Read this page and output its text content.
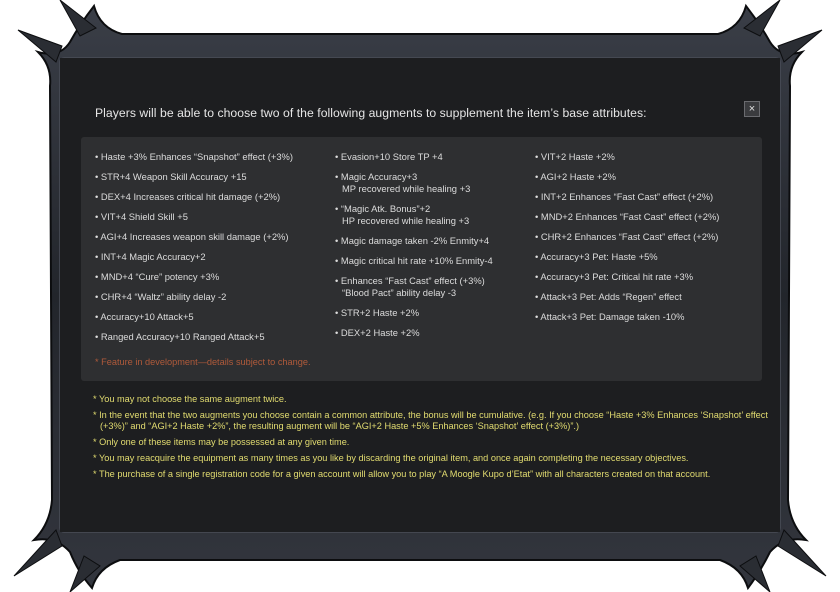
Players will be able to choose two of the following augments to supplement the item’s base attributes:	×
• Haste +3% Enhances “Snapshot” effect (+3%)
• STR+4 Weapon Skill Accuracy +15
• DEX+4 Increases critical hit damage (+2%)
• VIT+4 Shield Skill +5
• AGI+4 Increases weapon skill damage (+2%)
• INT+4 Magic Accuracy+2
• MND+4 “Cure” potency +3%
• CHR+4 “Waltz” ability delay -2
• Accuracy+10 Attack+5
• Ranged Accuracy+10 Ranged Attack+5
• Evasion+10 Store TP +4
• Magic Accuracy+3
MP recovered while healing +3
• “Magic Atk. Bonus”+2
HP recovered while healing +3
• Magic damage taken -2% Enmity+4
• Magic critical hit rate +10% Enmity-4
• Enhances “Fast Cast” effect (+3%)
“Blood Pact” ability delay -3
• STR+2 Haste +2%
• DEX+2 Haste +2%
• VIT+2 Haste +2%
• AGI+2 Haste +2%
• INT+2 Enhances “Fast Cast” effect (+2%)
• MND+2 Enhances “Fast Cast” effect (+2%)
• CHR+2 Enhances “Fast Cast” effect (+2%)
• Accuracy+3 Pet: Haste +5%
• Accuracy+3 Pet: Critical hit rate +3%
• Attack+3 Pet: Adds “Regen” effect
• Attack+3 Pet: Damage taken -10%
* Feature in development—details subject to change.
* You may not choose the same augment twice.
* In the event that the two augments you choose contain a common attribute, the bonus will be cumulative. (e.g. If you choose “Haste +3% Enhances ‘Snapshot’ effect (+3%)” and “AGI+2 Haste +2%”, the resulting augment will be “AGI+2 Haste +5% Enhances ‘Snapshot’ effect (+3%)”.)
* Only one of these items may be possessed at any given time.
* You may reacquire the equipment as many times as you like by discarding the original item, and once again completing the necessary objectives.
* The purchase of a single registration code for a given account will allow you to play “A Moogle Kupo d’Etat” with all characters created on that account.
